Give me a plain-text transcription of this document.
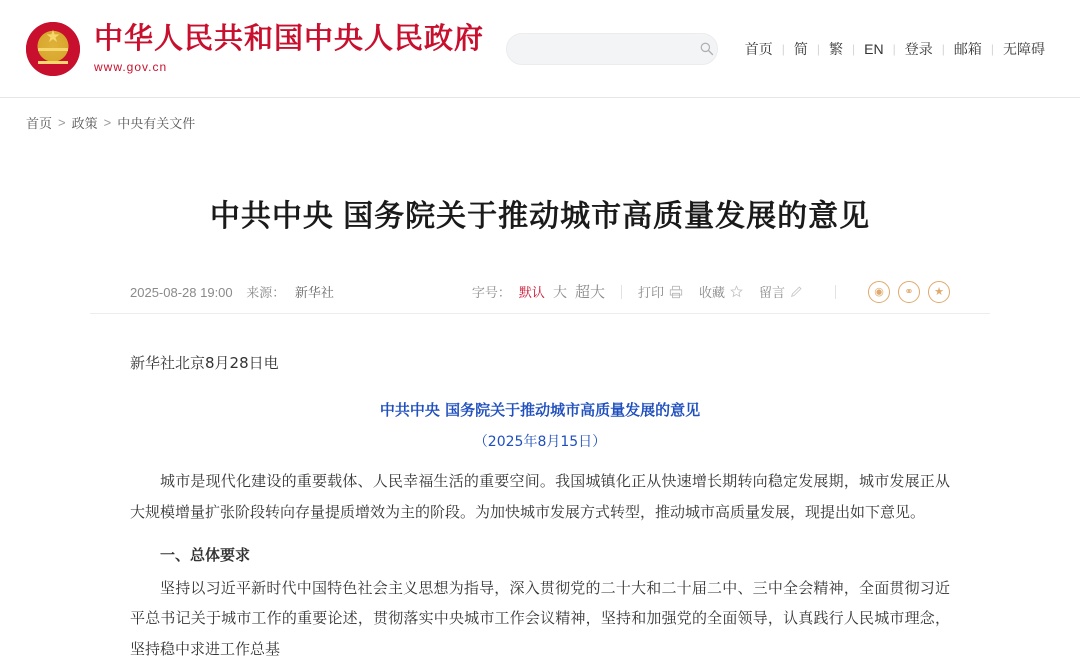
★
中华人民共和国中央人民政府
www.gov.cn
首页 | 简 | 繁 | EN | 登录 | 邮箱 | 无障碍
首页 > 政策 > 中央有关文件
中共中央 国务院关于推动城市高质量发展的意见
2025-08-28 19:00 来源： 新华社	字号： 默认 大 超大	打印	收藏	留言	◉	⚭	★

新华社北京8月28日电

中共中央 国务院关于推动城市高质量发展的意见

（2025年8月15日）

城市是现代化建设的重要载体、人民幸福生活的重要空间。我国城镇化正从快速增长期转向稳定发展期，城市发展正从大规模增量扩张阶段转向存量提质增效为主的阶段。为加快城市发展方式转型，推动城市高质量发展，现提出如下意见。

一、总体要求

坚持以习近平新时代中国特色社会主义思想为指导，深入贯彻党的二十大和二十届二中、三中全会精神，全面贯彻习近平总书记关于城市工作的重要论述，贯彻落实中央城市工作会议精神，坚持和加强党的全面领导，认真践行人民城市理念，坚持稳中求进工作总基
